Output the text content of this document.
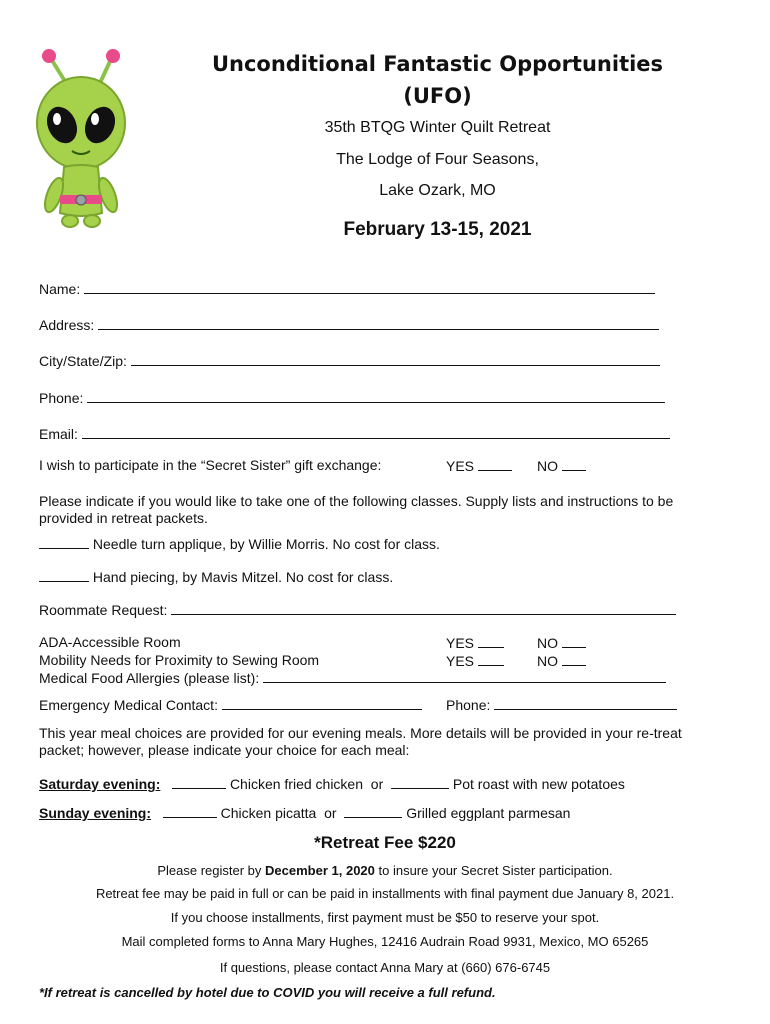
Unconditional Fantastic Opportunities
(UFO)
35th BTQG Winter Quilt Retreat
The Lodge of Four Seasons,
Lake Ozark, MO
February 13-15, 2021
Name:
Address:
City/State/Zip:
Phone:
Email:
I wish to participate in the “Secret Sister” gift exchange:	YES	NO
Please indicate if you would like to take one of the following classes. Supply lists and instructions to be provided in retreat packets.
Needle turn applique, by Willie Morris. No cost for class.
Hand piecing, by Mavis Mitzel. No cost for class.
Roommate Request:
ADA-Accessible Room	YES	NO
Mobility Needs for Proximity to Sewing Room	YES	NO
Medical Food Allergies (please list):
Emergency Medical Contact:	Phone:
This year meal choices are provided for our evening meals. More details will be provided in your re-treat packet; however, please indicate your choice for each meal:
Saturday evening:	Chicken fried chicken or	Pot roast with new potatoes
Sunday evening:	Chicken picatta or	Grilled eggplant parmesan
*Retreat Fee $220
Please register by December 1, 2020 to insure your Secret Sister participation.
Retreat fee may be paid in full or can be paid in installments with final payment due January 8, 2021.
If you choose installments, first payment must be $50 to reserve your spot.
Mail completed forms to Anna Mary Hughes, 12416 Audrain Road 9931, Mexico, MO 65265
If questions, please contact Anna Mary at (660) 676-6745
*If retreat is cancelled by hotel due to COVID you will receive a full refund.
